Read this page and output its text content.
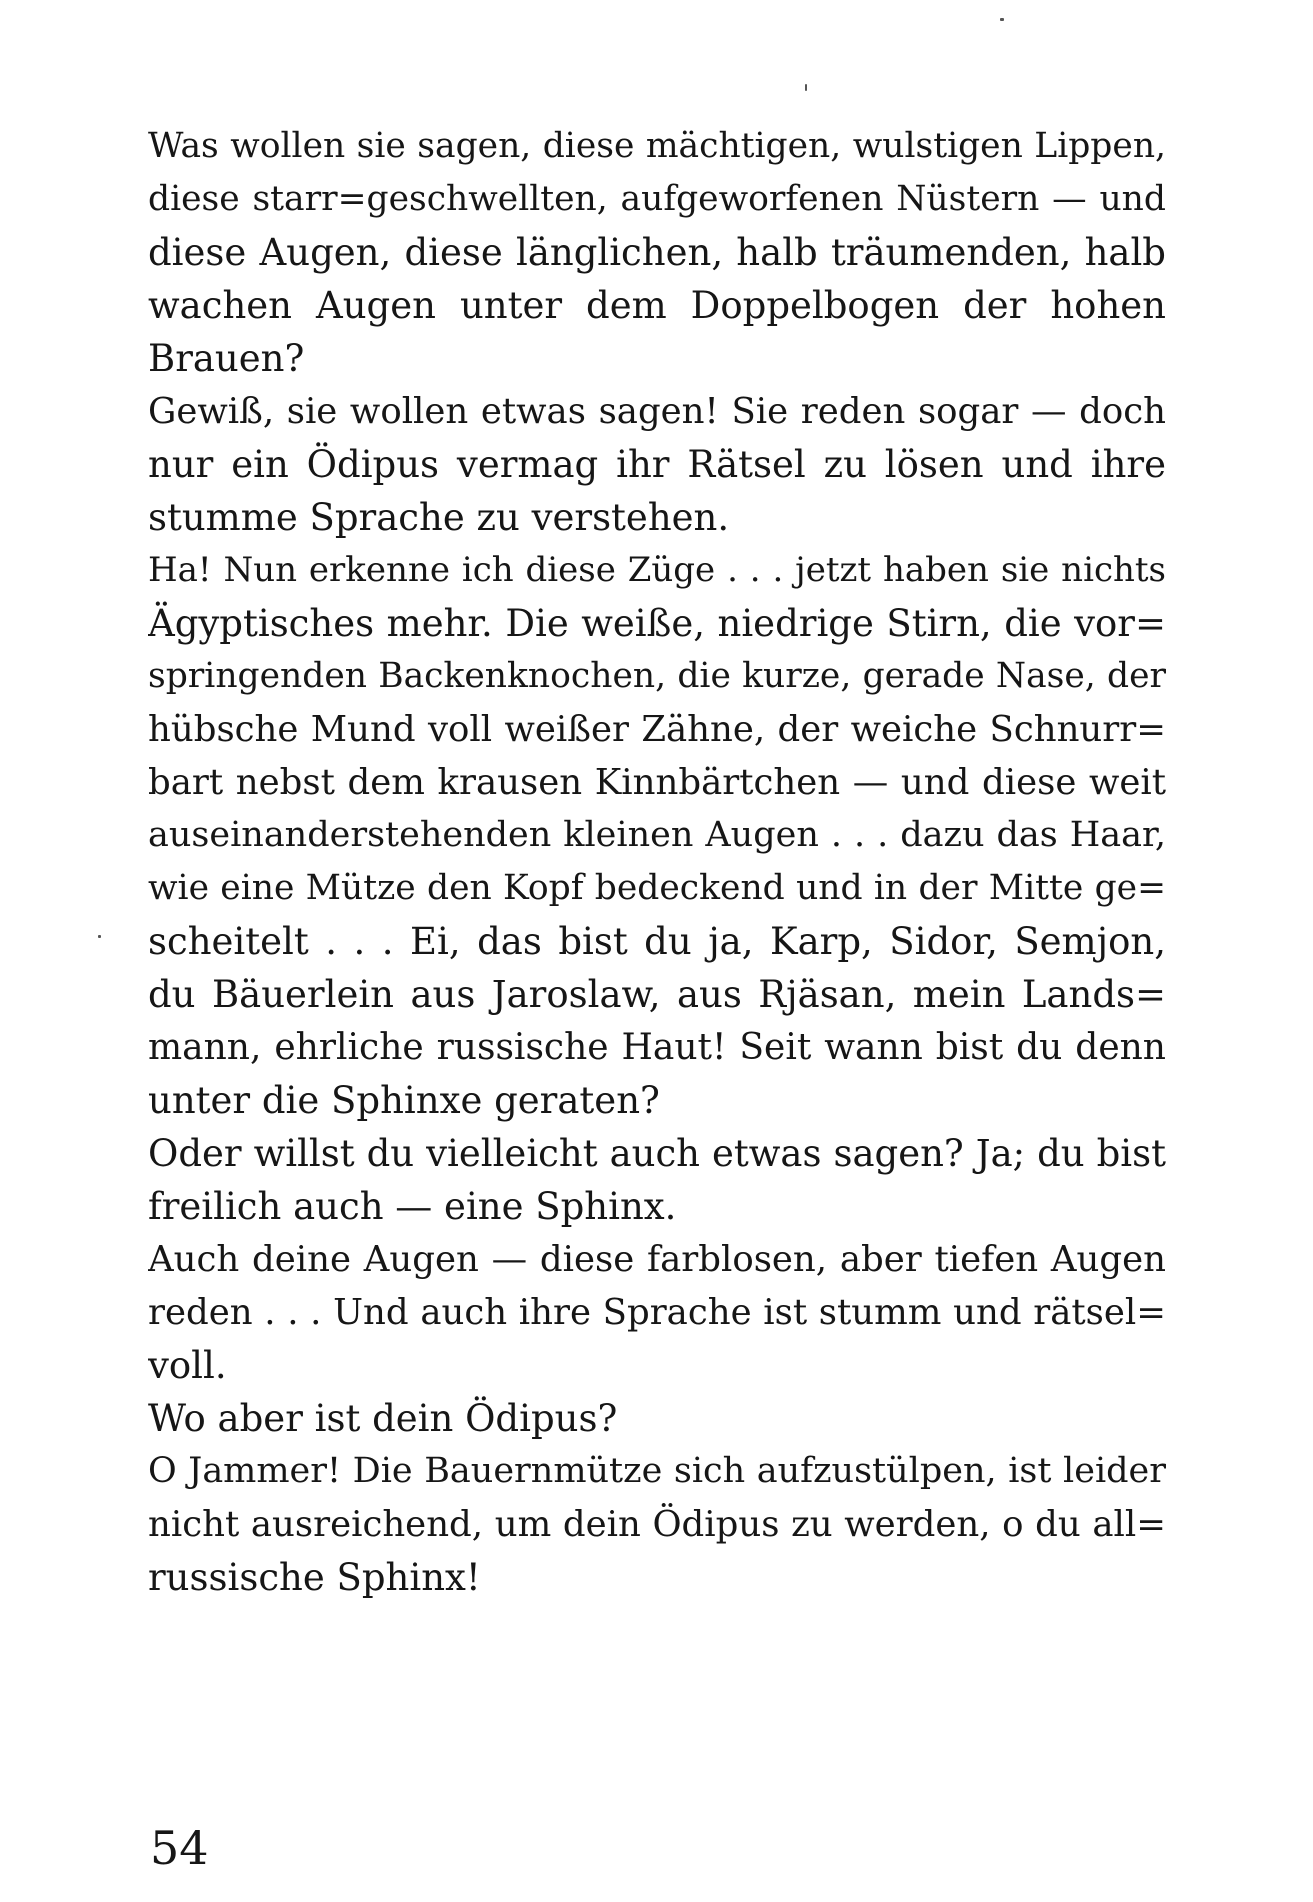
Was wollen sie sagen, diese mächtigen, wulstigen Lippen,
diese starr=geschwellten, aufgeworfenen Nüstern — und
diese Augen, diese länglichen, halb träumenden, halb
wachen Augen unter dem Doppelbogen der hohen
Brauen?
Gewiß, sie wollen etwas sagen! Sie reden sogar — doch
nur ein Ödipus vermag ihr Rätsel zu lösen und ihre
stumme Sprache zu verstehen.
Ha! Nun erkenne ich diese Züge . . . jetzt haben sie nichts
Ägyptisches mehr. Die weiße, niedrige Stirn, die vor=
springenden Backenknochen, die kurze, gerade Nase, der
hübsche Mund voll weißer Zähne, der weiche Schnurr=
bart nebst dem krausen Kinnbärtchen — und diese weit
auseinanderstehenden kleinen Augen . . . dazu das Haar,
wie eine Mütze den Kopf bedeckend und in der Mitte ge=
scheitelt . . . Ei, das bist du ja, Karp, Sidor, Semjon,
du Bäuerlein aus Jaroslaw, aus Rjäsan, mein Lands=
mann, ehrliche russische Haut! Seit wann bist du denn
unter die Sphinxe geraten?
Oder willst du vielleicht auch etwas sagen? Ja; du bist
freilich auch — eine Sphinx.
Auch deine Augen — diese farblosen, aber tiefen Augen
reden . . . Und auch ihre Sprache ist stumm und rätsel=
voll.
Wo aber ist dein Ödipus?
O Jammer! Die Bauernmütze sich aufzustülpen, ist leider
nicht ausreichend, um dein Ödipus zu werden, o du all=
russische Sphinx!
54
